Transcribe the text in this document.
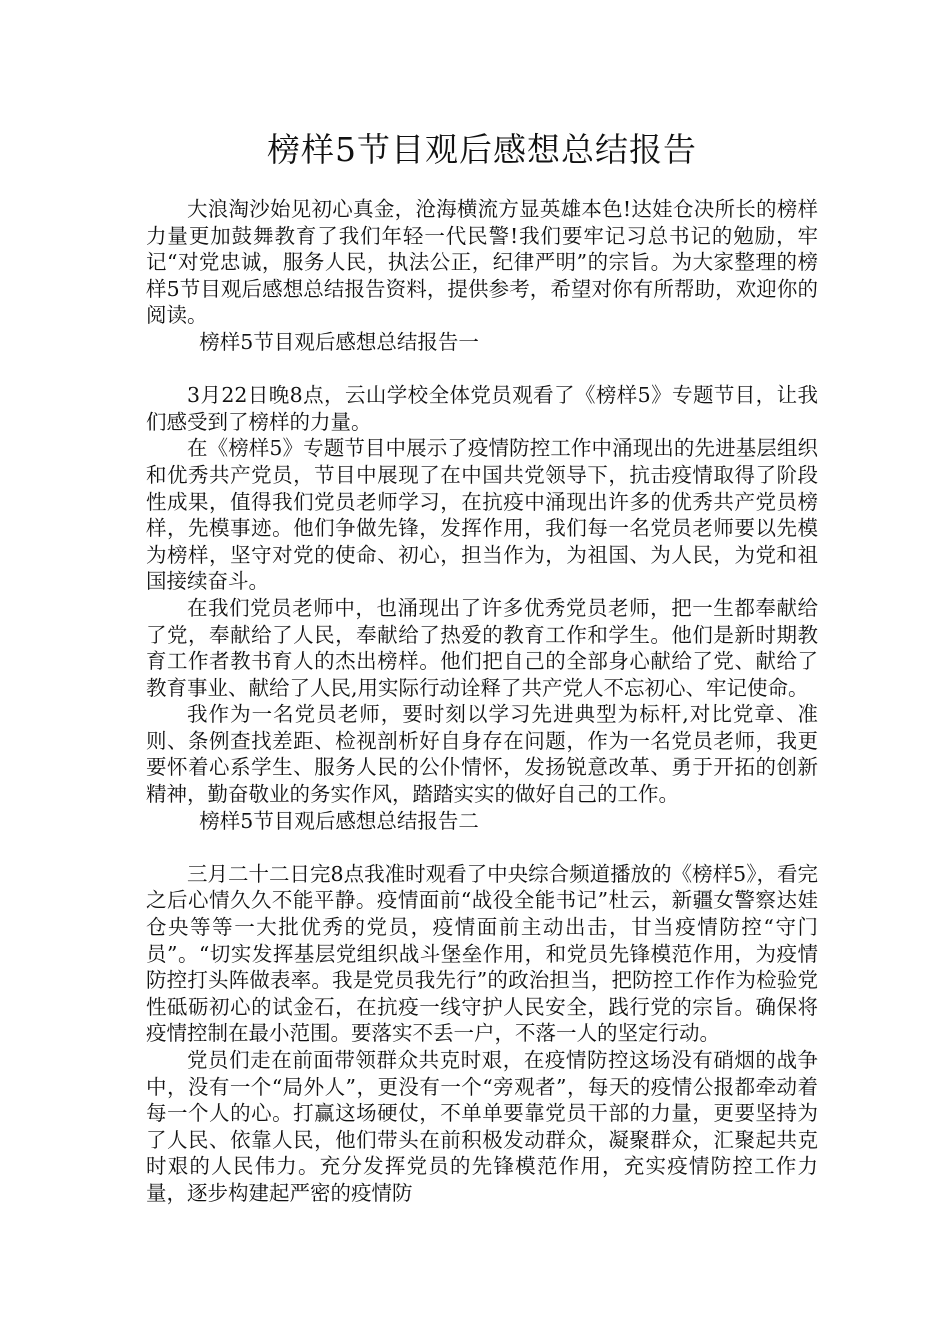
榜样5节目观后感想总结报告

大浪淘沙始见初心真金，沧海横流方显英雄本色!达娃仓决所长的榜样力量更加鼓舞教育了我们年轻一代民警!我们要牢记习总书记的勉励，牢记“对党忠诚，服务人民，执法公正，纪律严明”的宗旨。为大家整理的榜样5节目观后感想总结报告资料，提供参考，希望对你有所帮助，欢迎你的阅读。

榜样5节目观后感想总结报告一

3月22日晚8点，云山学校全体党员观看了《榜样5》专题节目，让我们感受到了榜样的力量。

在《榜样5》专题节目中展示了疫情防控工作中涌现出的先进基层组织和优秀共产党员，节目中展现了在中国共党领导下，抗击疫情取得了阶段性成果，值得我们党员老师学习，在抗疫中涌现出许多的优秀共产党员榜样，先模事迹。他们争做先锋，发挥作用，我们每一名党员老师要以先模为榜样，坚守对党的使命、初心，担当作为，为祖国、为人民，为党和祖国接续奋斗。

在我们党员老师中，也涌现出了许多优秀党员老师，把一生都奉献给了党，奉献给了人民，奉献给了热爱的教育工作和学生。他们是新时期教育工作者教书育人的杰出榜样。他们把自己的全部身心献给了党、献给了教育事业、献给了人民,用实际行动诠释了共产党人不忘初心、牢记使命。

我作为一名党员老师，要时刻以学习先进典型为标杆,对比党章、准则、条例查找差距、检视剖析好自身存在问题，作为一名党员老师，我更要怀着心系学生、服务人民的公仆情怀，发扬锐意改革、勇于开拓的创新精神，勤奋敬业的务实作风，踏踏实实的做好自己的工作。

榜样5节目观后感想总结报告二

三月二十二日完8点我准时观看了中央综合频道播放的《榜样5》，看完之后心情久久不能平静。疫情面前“战役全能书记”杜云，新疆女警察达娃仓央等等一大批优秀的党员，疫情面前主动出击，甘当疫情防控“守门员”。“切实发挥基层党组织战斗堡垒作用，和党员先锋模范作用，为疫情防控打头阵做表率。我是党员我先行”的政治担当，把防控工作作为检验党性砥砺初心的试金石，在抗疫一线守护人民安全，践行党的宗旨。确保将疫情控制在最小范围。要落实不丢一户，不落一人的坚定行动。

党员们走在前面带领群众共克时艰，在疫情防控这场没有硝烟的战争中，没有一个“局外人”，更没有一个“旁观者”，每天的疫情公报都牵动着每一个人的心。打赢这场硬仗，不单单要靠党员干部的力量，更要坚持为了人民、依靠人民，他们带头在前积极发动群众，凝聚群众，汇聚起共克时艰的人民伟力。充分发挥党员的先锋模范作用，充实疫情防控工作力量，逐步构建起严密的疫情防
